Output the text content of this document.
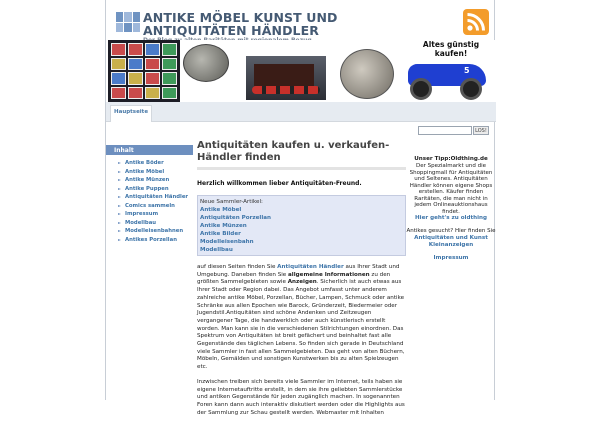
ANTIKE MÖBEL KUNST UND ANTIQUITÄTEN HÄNDLER
Altes günstig kaufen!
5
Hauptseite
LOS!
Inhalt
Antike Böder
Antike Möbel
Antike Münzen
Antike Puppen
Antiquitäten Händler
Comics sammeln
Impressum
Modellbau
Modelleisenbahnen
Antikes Porzellan
Antiquitäten kaufen u. verkaufen- Händler finden
Herzlich willkommen lieber Antiquitäten-Freund.
Neue Sammler-Artikel:
Antike Möbel
Antiquitäten Porzellan
Antike Münzen
Antike Bilder
Modelleisenbahn
Modellbau

auf diesen Seiten finden Sie Antiquitäten Händler aus Ihrer Stadt und Umgebung. Daneben finden Sie allgemeine Informationen zu den größten Sammelgebieten sowie Anzeigen. Sicherlich ist auch etwas aus Ihrer Stadt oder Region dabei. Das Angebot umfasst unter anderem zahlreiche antike Möbel, Porzellan, Bücher, Lampen, Schmuck oder antike Schränke aus allen Epochen wie Barock, Gründerzeit, Biedermeier oder Jugendstil.Antiquitäten sind schöne Andenken und Zeitzeugen vergangener Tage, die handwerklich oder auch künstlerisch erstellt worden. Man kann sie in die verschiedenen Stilrichtungen einordnen. Das Spektrum von Antiquitäten ist breit gefächert und beinhaltet fast alle Gegenstände des täglichen Lebens. So finden sich gerade in Deutschland viele Sammler in fast allen Sammelgebieten. Das geht von alten Büchern, Möbeln, Gemälden und sonstigen Kunstwerken bis zu alten Spielzeugen etc.

Inzwischen treiben sich bereits viele Sammler im Internet, teils haben sie eigene Internetauftritte erstellt, in dem sie ihre geliebten Sammlerstücke und antiken Gegenstände für jeden zugänglich machen. In sogenannten Foren kann dann auch interaktiv diskutiert werden oder die Highlights aus der Sammlung zur Schau gestellt werden. Webmaster mit Inhalten

Unser Tipp:Oldthing.de
Der Spezialmarkt und die Shoppingmall für Antiquitäten und Seltenes. Antiquitäten Händler können eigene Shops erstellen. Käufer finden Raritäten, die man nicht in jedem Onlineauktionshaus findet.
Hier geht's zu oldthing
Antikes gesucht? Hier finden Sie Antiquitäten und Kunst Kleinanzeigen
Impressum
